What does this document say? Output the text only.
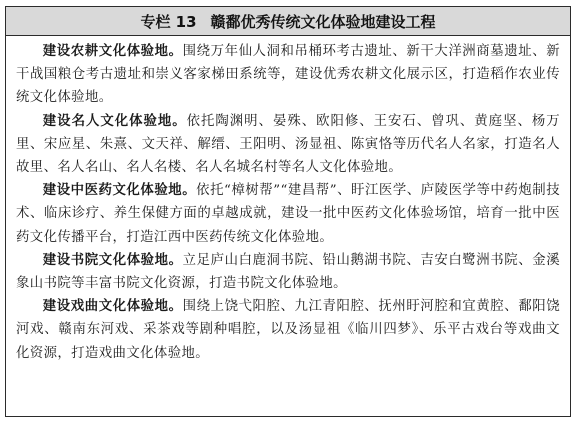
专栏 13 赣鄱优秀传统文化体验地建设工程

建设农耕文化体验地。围绕万年仙人洞和吊桶环考古遗址、新干大洋洲商墓遗址、新干战国粮仓考古遗址和崇义客家梯田系统等，建设优秀农耕文化展示区，打造稻作农业传统文化体验地。

建设名人文化体验地。依托陶渊明、晏殊、欧阳修、王安石、曾巩、黄庭坚、杨万里、宋应星、朱熹、文天祥、解缙、王阳明、汤显祖、陈寅恪等历代名人名家，打造名人故里、名人名山、名人名楼、名人名城名村等名人文化体验地。

建设中医药文化体验地。依托“樟树帮”“建昌帮”、盱江医学、庐陵医学等中药炮制技术、临床诊疗、养生保健方面的卓越成就，建设一批中医药文化体验场馆，培育一批中医药文化传播平台，打造江西中医药传统文化体验地。

建设书院文化体验地。立足庐山白鹿洞书院、铅山鹅湖书院、吉安白鹭洲书院、金溪象山书院等丰富书院文化资源，打造书院文化体验地。

建设戏曲文化体验地。围绕上饶弋阳腔、九江青阳腔、抚州盱河腔和宜黄腔、鄱阳饶河戏、赣南东河戏、采茶戏等剧种唱腔，以及汤显祖《临川四梦》、乐平古戏台等戏曲文化资源，打造戏曲文化体验地。
